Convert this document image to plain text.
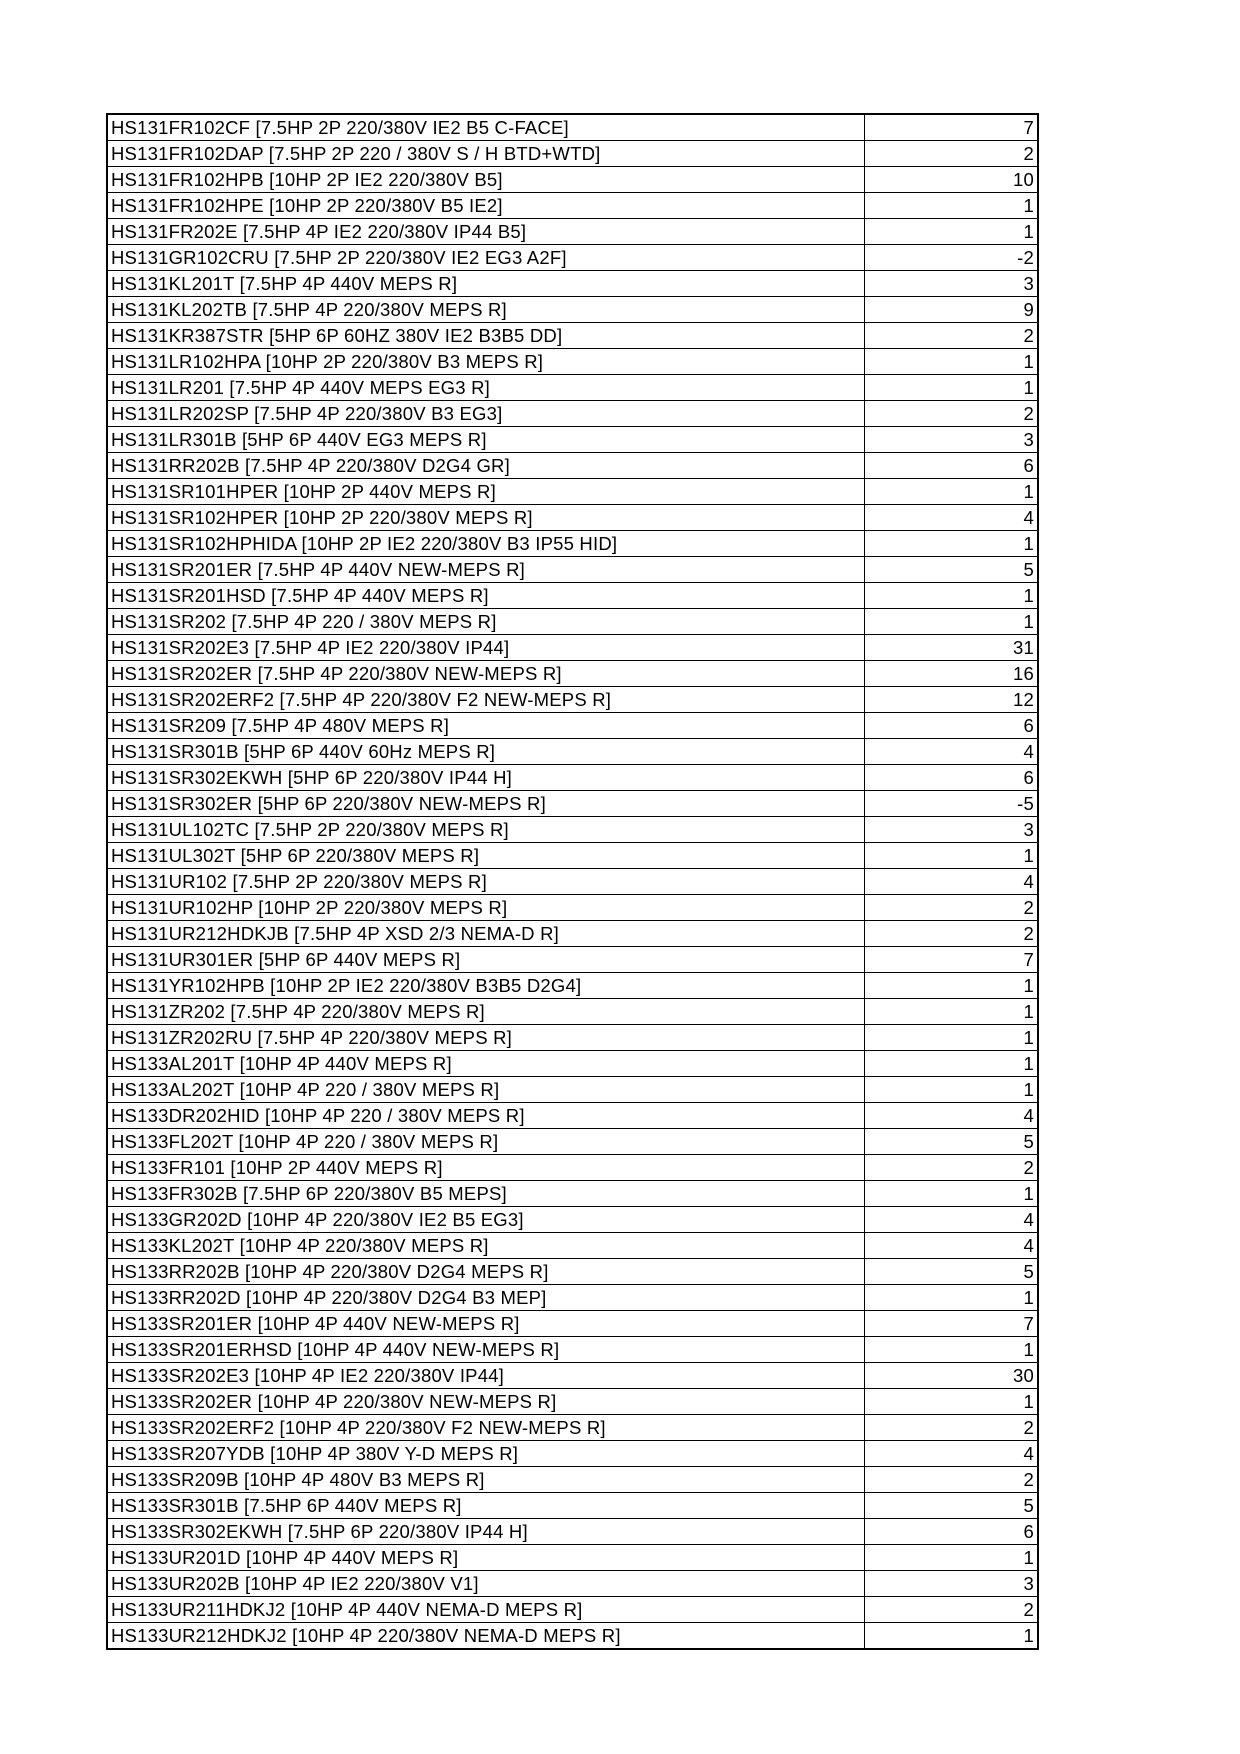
HS131FR102CF [7.5HP 2P 220/380V IE2 B5 C-FACE]	7
HS131FR102DAP [7.5HP 2P 220 / 380V S / H BTD+WTD]	2
HS131FR102HPB [10HP 2P IE2 220/380V B5]	10
HS131FR102HPE [10HP 2P 220/380V B5 IE2]	1
HS131FR202E [7.5HP 4P IE2 220/380V IP44 B5]	1
HS131GR102CRU [7.5HP 2P 220/380V IE2 EG3 A2F]	-2
HS131KL201T [7.5HP 4P 440V MEPS R]	3
HS131KL202TB [7.5HP 4P 220/380V MEPS R]	9
HS131KR387STR [5HP 6P 60HZ 380V IE2 B3B5 DD]	2
HS131LR102HPA [10HP 2P 220/380V B3 MEPS R]	1
HS131LR201 [7.5HP 4P 440V MEPS EG3 R]	1
HS131LR202SP [7.5HP 4P 220/380V B3 EG3]	2
HS131LR301B [5HP 6P 440V EG3 MEPS R]	3
HS131RR202B [7.5HP 4P 220/380V D2G4 GR]	6
HS131SR101HPER [10HP 2P 440V MEPS R]	1
HS131SR102HPER [10HP 2P 220/380V MEPS R]	4
HS131SR102HPHIDA [10HP 2P IE2 220/380V B3 IP55 HID]	1
HS131SR201ER [7.5HP 4P 440V NEW-MEPS R]	5
HS131SR201HSD [7.5HP 4P 440V MEPS R]	1
HS131SR202 [7.5HP 4P 220 / 380V MEPS R]	1
HS131SR202E3 [7.5HP 4P IE2 220/380V IP44]	31
HS131SR202ER [7.5HP 4P 220/380V NEW-MEPS R]	16
HS131SR202ERF2 [7.5HP 4P 220/380V F2 NEW-MEPS R]	12
HS131SR209 [7.5HP 4P 480V MEPS R]	6
HS131SR301B [5HP 6P 440V 60Hz MEPS R]	4
HS131SR302EKWH [5HP 6P 220/380V IP44 H]	6
HS131SR302ER [5HP 6P 220/380V NEW-MEPS R]	-5
HS131UL102TC [7.5HP 2P 220/380V MEPS R]	3
HS131UL302T [5HP 6P 220/380V MEPS R]	1
HS131UR102 [7.5HP 2P 220/380V MEPS R]	4
HS131UR102HP [10HP 2P 220/380V MEPS R]	2
HS131UR212HDKJB [7.5HP 4P XSD 2/3 NEMA-D R]	2
HS131UR301ER [5HP 6P 440V MEPS R]	7
HS131YR102HPB [10HP 2P IE2 220/380V B3B5 D2G4]	1
HS131ZR202 [7.5HP 4P 220/380V MEPS R]	1
HS131ZR202RU [7.5HP 4P 220/380V MEPS R]	1
HS133AL201T [10HP 4P 440V MEPS R]	1
HS133AL202T [10HP 4P 220 / 380V MEPS R]	1
HS133DR202HID [10HP 4P 220 / 380V MEPS R]	4
HS133FL202T [10HP 4P 220 / 380V MEPS R]	5
HS133FR101 [10HP 2P 440V MEPS R]	2
HS133FR302B [7.5HP 6P 220/380V B5 MEPS]	1
HS133GR202D [10HP 4P 220/380V IE2 B5 EG3]	4
HS133KL202T [10HP 4P 220/380V MEPS R]	4
HS133RR202B [10HP 4P 220/380V D2G4 MEPS R]	5
HS133RR202D [10HP 4P 220/380V D2G4 B3 MEP]	1
HS133SR201ER [10HP 4P 440V NEW-MEPS R]	7
HS133SR201ERHSD [10HP 4P 440V NEW-MEPS R]	1
HS133SR202E3 [10HP 4P IE2 220/380V IP44]	30
HS133SR202ER [10HP 4P 220/380V NEW-MEPS R]	1
HS133SR202ERF2 [10HP 4P 220/380V F2 NEW-MEPS R]	2
HS133SR207YDB [10HP 4P 380V Y-D MEPS R]	4
HS133SR209B [10HP 4P 480V B3 MEPS R]	2
HS133SR301B [7.5HP 6P 440V MEPS R]	5
HS133SR302EKWH [7.5HP 6P 220/380V IP44 H]	6
HS133UR201D [10HP 4P 440V MEPS R]	1
HS133UR202B [10HP 4P IE2 220/380V V1]	3
HS133UR211HDKJ2 [10HP 4P 440V NEMA-D MEPS R]	2
HS133UR212HDKJ2 [10HP 4P 220/380V NEMA-D MEPS R]	1
